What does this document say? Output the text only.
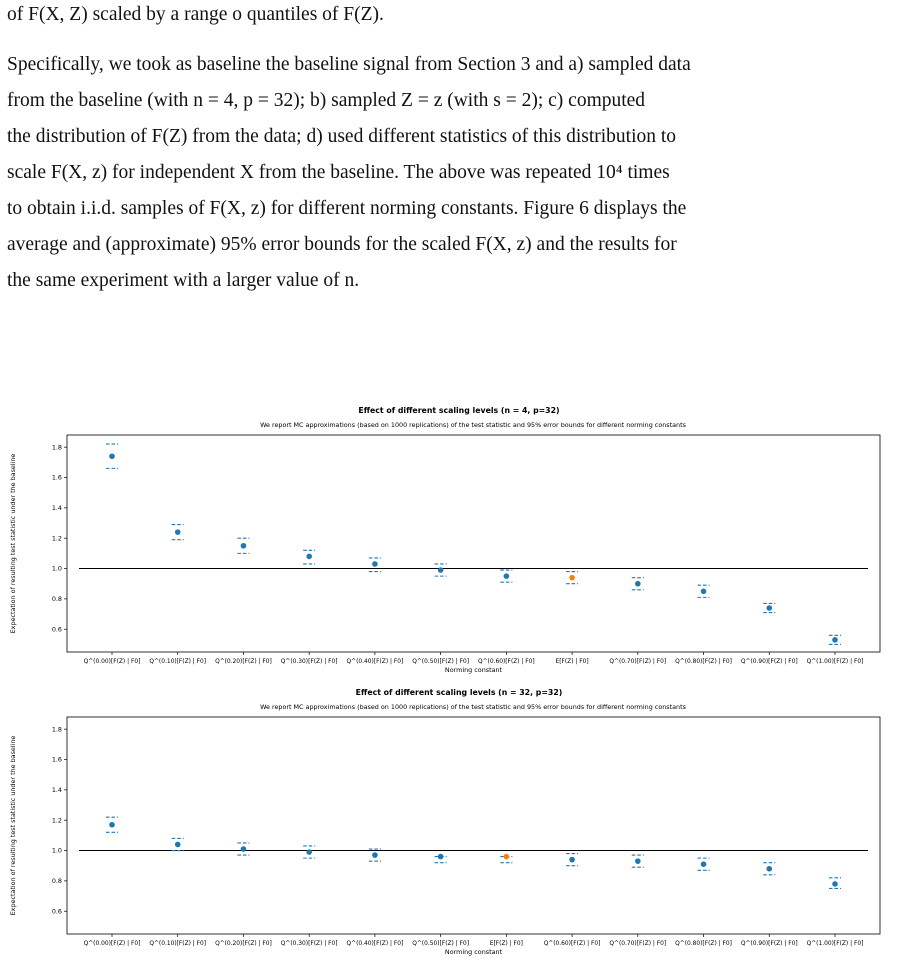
of F(X, Z) scaled by a range o quantiles of F(Z).
Specifically, we took as baseline the baseline signal from Section 3 and a) sampled data
from the baseline (with n = 4, p = 32); b) sampled Z = z (with s = 2); c) computed
the distribution of F(Z) from the data; d) used different statistics of this distribution to
scale F(X, z) for independent X from the baseline. The above was repeated 10⁴ times
to obtain i.i.d. samples of F(X, z) for different norming constants. Figure 6 displays the
average and (approximate) 95% error bounds for the scaled F(X, z) and the results for
the same experiment with a larger value of n.
Effect of different scaling levels (n = 4, p=32)
We report MC approximations (based on 1000 replications) of the test statistic and 95% error bounds for different norming constants
0.6
0.8
1.0
1.2
1.4
1.6
1.8
Expectation of resulting test statistic under the baseline
Q^(0.00)[F(Z) | F0] Q^(0.10)[F(Z) | F0] Q^(0.20)[F(Z) | F0] Q^(0.30)[F(Z) | F0] Q^(0.40)[F(Z) | F0] Q^(0.50)[F(Z) | F0] Q^(0.60)[F(Z) | F0]	E[F(Z) | F0]	Q^(0.70)[F(Z) | F0] Q^(0.80)[F(Z) | F0] Q^(0.90)[F(Z) | F0] Q^(1.00)[F(Z) | F0]
Norming constant
Effect of different scaling levels (n = 32, p=32)
We report MC approximations (based on 1000 replications) of the test statistic and 95% error bounds for different norming constants
0.6
0.8
1.0
1.2
1.4
1.6
1.8
Expectation of resulting test statistic under the baseline
Q^(0.00)[F(Z) | F0] Q^(0.10)[F(Z) | F0] Q^(0.20)[F(Z) | F0] Q^(0.30)[F(Z) | F0] Q^(0.40)[F(Z) | F0] Q^(0.50)[F(Z) | F0]	E[F(Z) | F0]	Q^(0.60)[F(Z) | F0] Q^(0.70)[F(Z) | F0] Q^(0.80)[F(Z) | F0] Q^(0.90)[F(Z) | F0] Q^(1.00)[F(Z) | F0]
Norming constant
